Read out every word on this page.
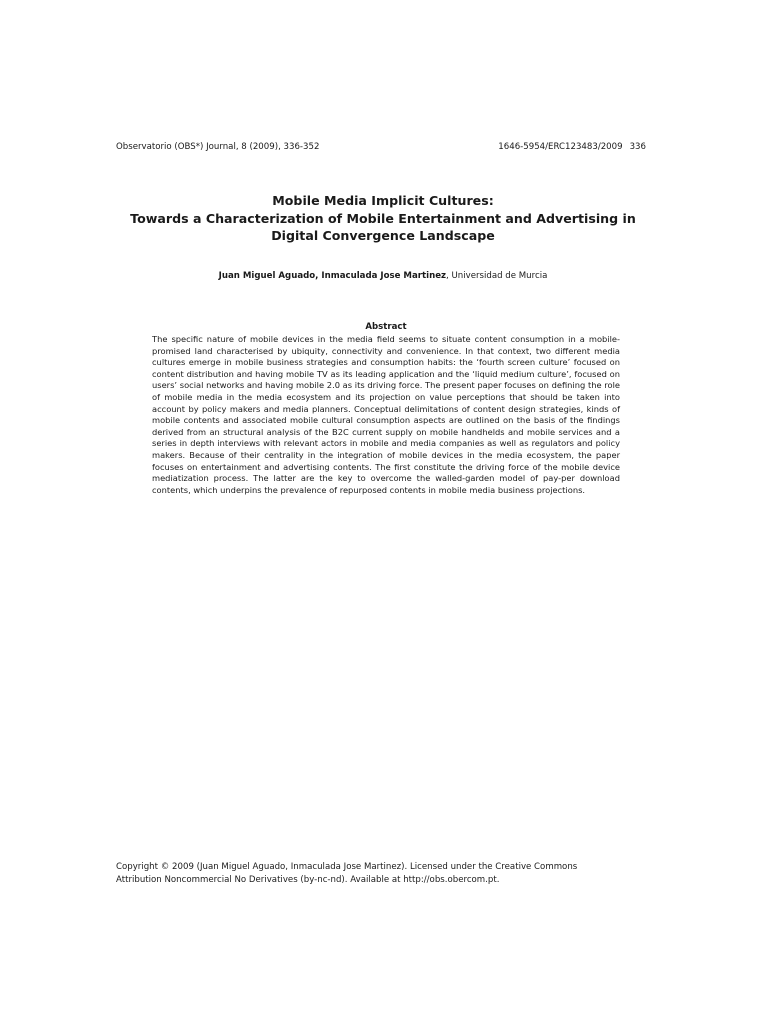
Observatorio (OBS*) Journal, 8 (2009), 336-352	1646-5954/ERC123483/2009 336
Mobile Media Implicit Cultures:
Towards a Characterization of Mobile Entertainment and Advertising in
Digital Convergence Landscape
Juan Miguel Aguado, Inmaculada Jose Martinez, Universidad de Murcia
Abstract
The specific nature of mobile devices in the media field seems to situate content consumption in a mobile-promised land characterised by ubiquity, connectivity and convenience. In that context, two different media cultures emerge in mobile business strategies and consumption habits: the ‘fourth screen culture’ focused on content distribution and having mobile TV as its leading application and the ‘liquid medium culture’, focused on users’ social networks and having mobile 2.0 as its driving force. The present paper focuses on defining the role of mobile media in the media ecosystem and its projection on value perceptions that should be taken into account by policy makers and media planners. Conceptual delimitations of content design strategies, kinds of mobile contents and associated mobile cultural consumption aspects are outlined on the basis of the findings derived from an structural analysis of the B2C current supply on mobile handhelds and mobile services and a series in depth interviews with relevant actors in mobile and media companies as well as regulators and policy makers. Because of their centrality in the integration of mobile devices in the media ecosystem, the paper focuses on entertainment and advertising contents. The first constitute the driving force of the mobile device mediatization process. The latter are the key to overcome the walled-garden model of pay-per download contents, which underpins the prevalence of repurposed contents in mobile media business projections.
Copyright © 2009 (Juan Miguel Aguado, Inmaculada Jose Martinez). Licensed under the Creative Commons
Attribution Noncommercial No Derivatives (by-nc-nd). Available at http://obs.obercom.pt.
